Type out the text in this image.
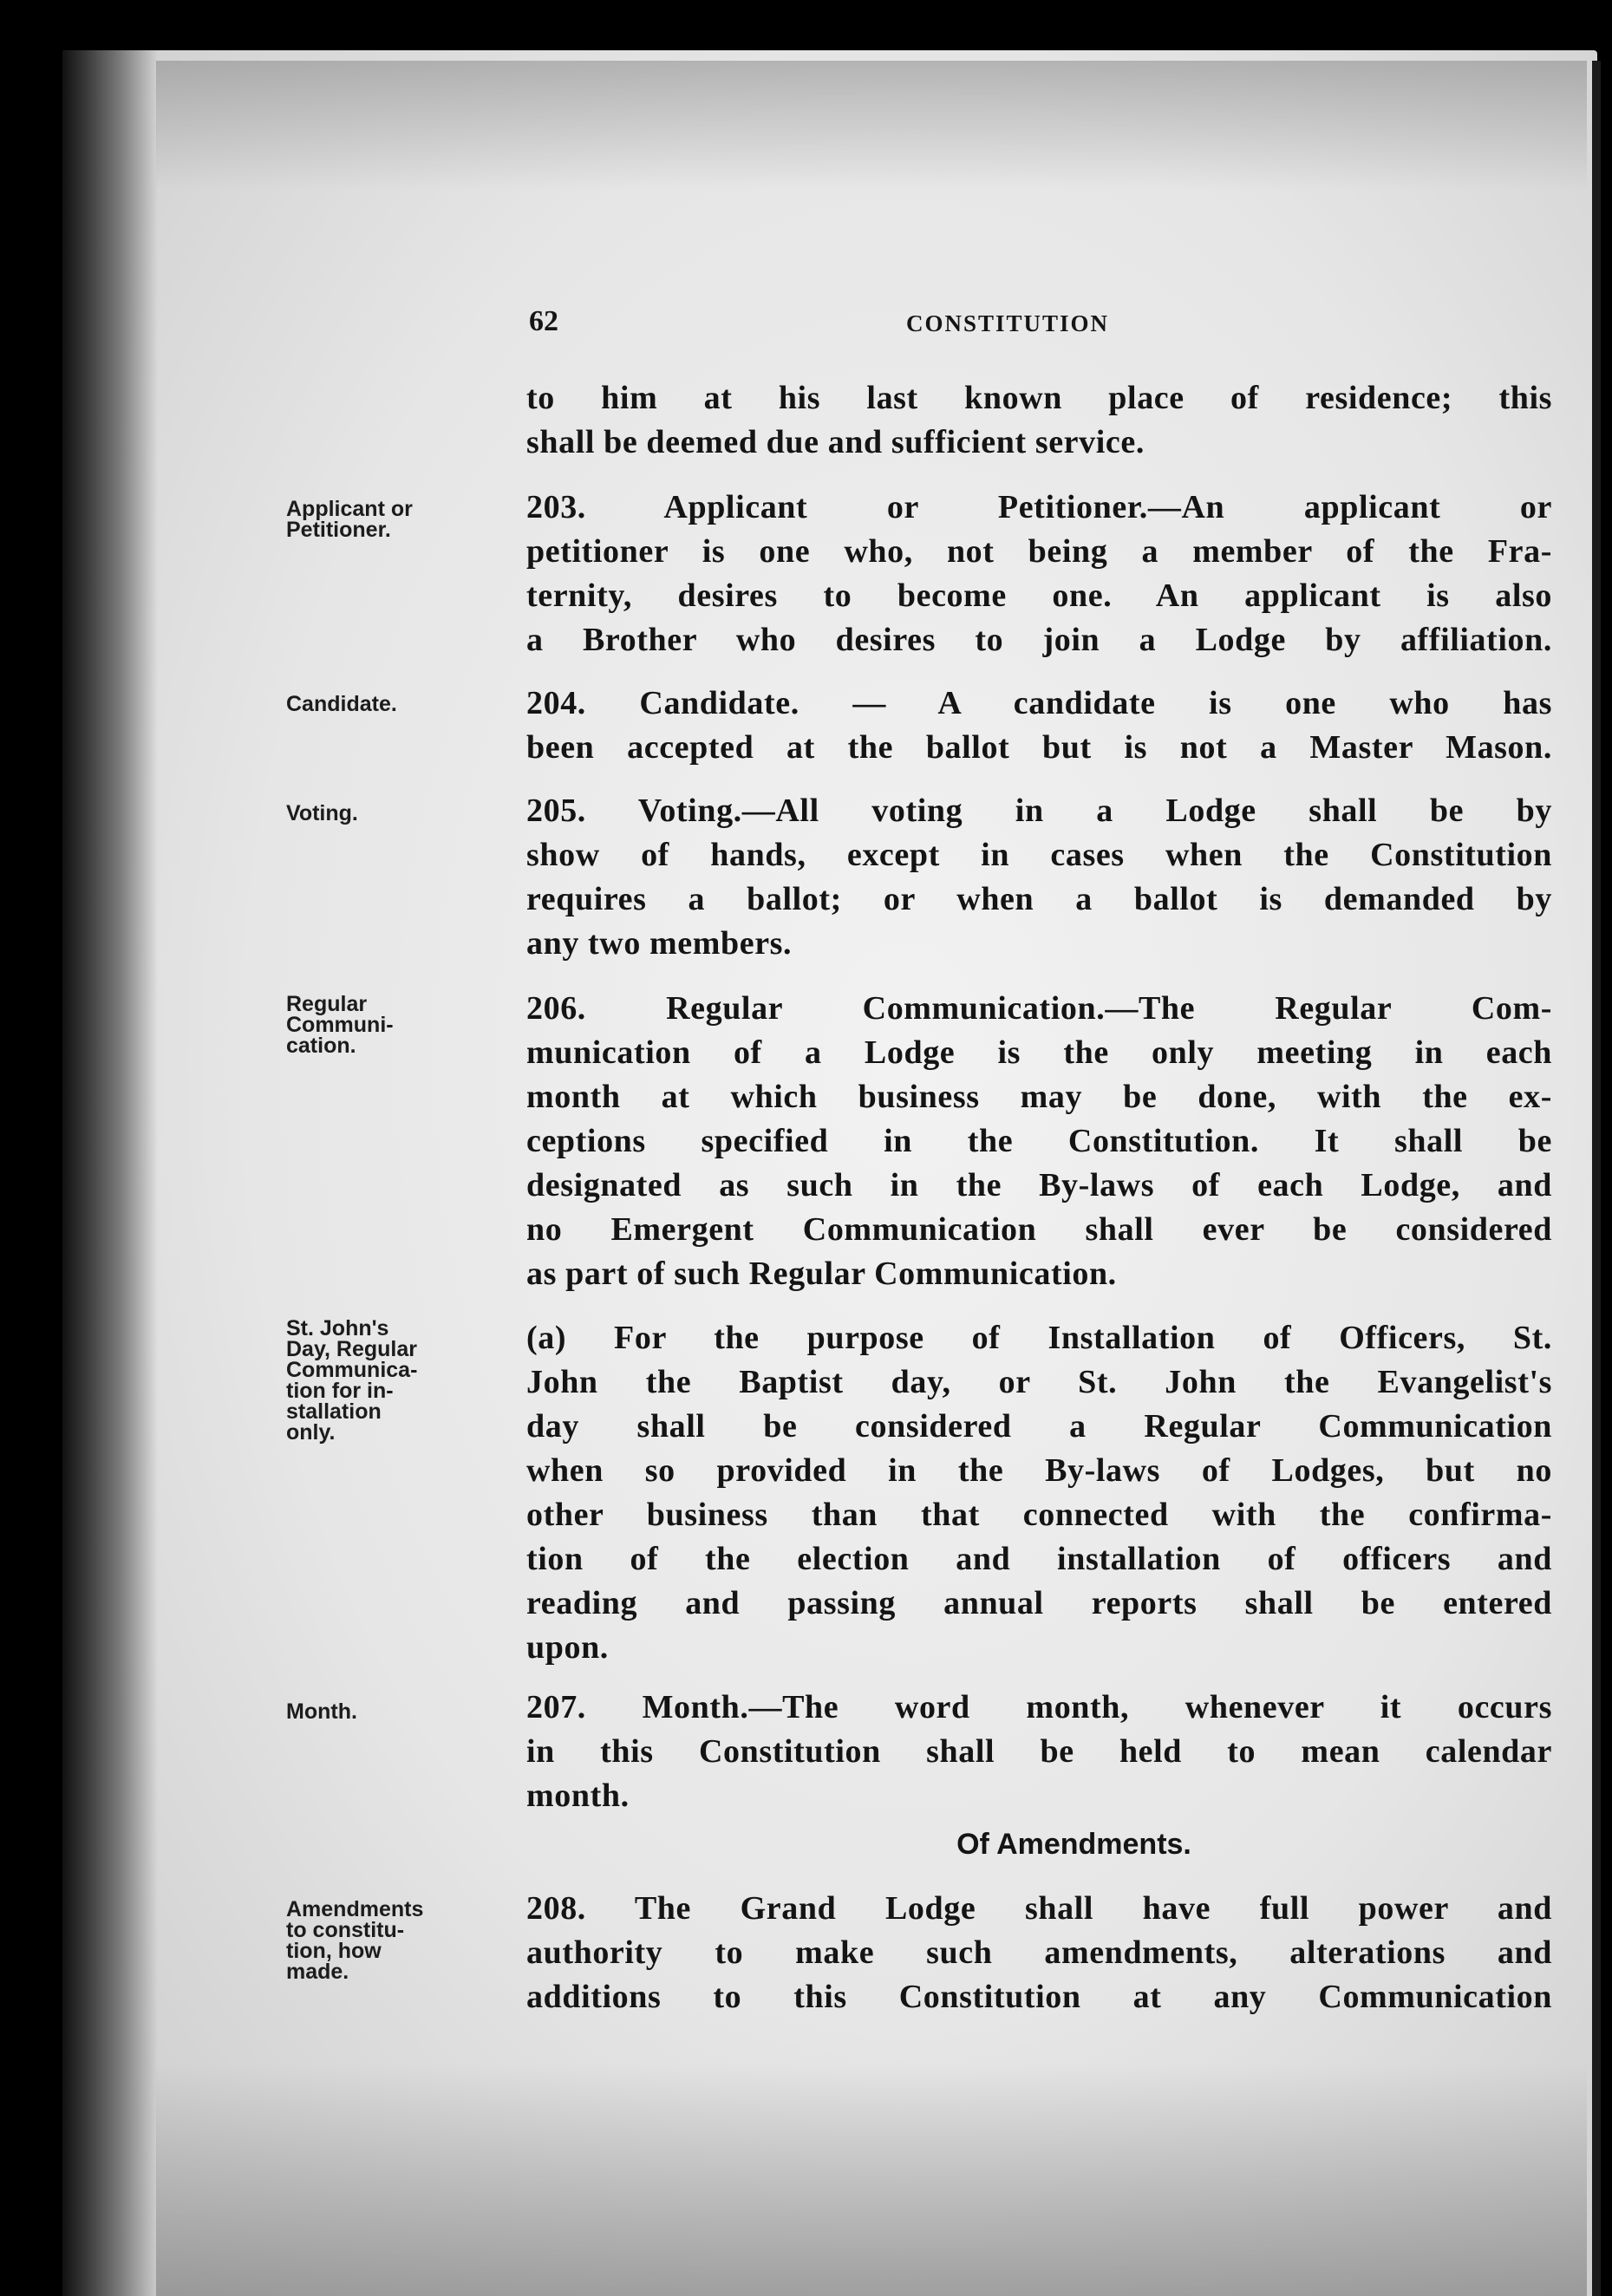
62	CONSTITUTION
Applicant or
Petitioner.
Candidate.
Voting.
Regular
Communi-
cation.
St. John's
Day, Regular
Communica-
tion for in-
stallation
only.
Month.
Amendments
to constitu-
tion, how
made.
to him at his last known place of residence; this
shall be deemed due and sufficient service.
203. Applicant or Petitioner.—An applicant or
petitioner is one who, not being a member of the Fra-
ternity, desires to become one. An applicant is also
a Brother who desires to join a Lodge by affiliation.
204. Candidate. — A candidate is one who has
been accepted at the ballot but is not a Master Mason.
205. Voting.—All voting in a Lodge shall be by
show of hands, except in cases when the Constitution
requires a ballot; or when a ballot is demanded by
any two members.
206. Regular Communication.—The Regular Com-
munication of a Lodge is the only meeting in each
month at which business may be done, with the ex-
ceptions specified in the Constitution. It shall be
designated as such in the By-laws of each Lodge, and
no Emergent Communication shall ever be considered
as part of such Regular Communication.
(a) For the purpose of Installation of Officers, St.
John the Baptist day, or St. John the Evangelist's
day shall be considered a Regular Communication
when so provided in the By-laws of Lodges, but no
other business than that connected with the confirma-
tion of the election and installation of officers and
reading and passing annual reports shall be entered
upon.
207. Month.—The word month, whenever it occurs
in this Constitution shall be held to mean calendar
month.
Of Amendments.
208. The Grand Lodge shall have full power and
authority to make such amendments, alterations and
additions to this Constitution at any Communication
